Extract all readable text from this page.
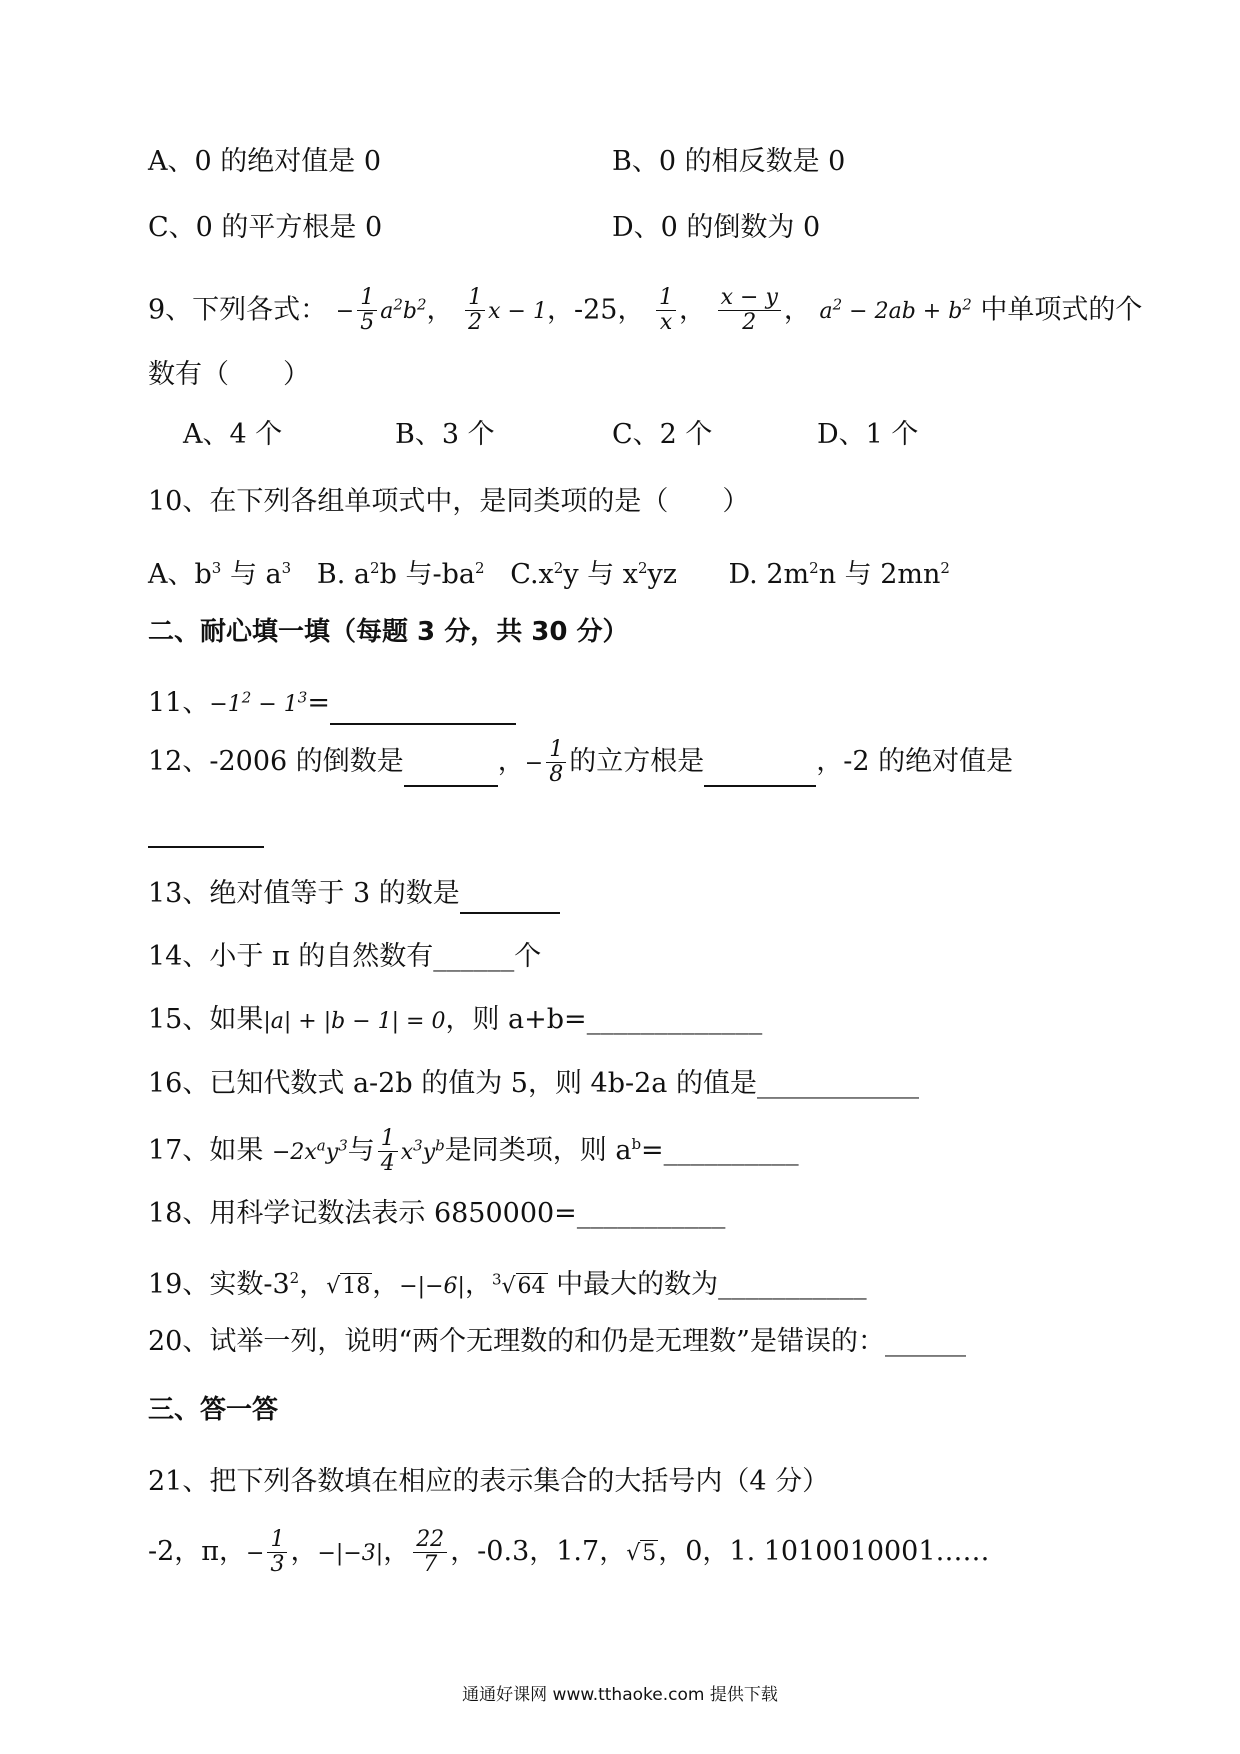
A、0 的绝对值是 0	B、0 的相反数是 0
C、0 的平方根是 0	D、0 的倒数为 0
9、下列各式： − $\frac{1}{5} a^2b^2$， $\frac{1}{2}$ x − 1，-25， $\frac{1}{x}$ ， $\frac{x - y}{2}$ ， $a^2 - 2ab + b^2$ 中单项式的个
数有（　　）
A、4 个	B、3 个	C、2 个	D、1 个
10、在下列各组单项式中，是同类项的是（　　）
A、$b^3$ 与 $a^3$ B. $a^2b$ 与$-ba^2$ $C.x^2y$ 与 $x^2yz$ D. $2m^2n$ 与 $2mn^2$
二、耐心填一填（每题 3 分，共 30 分）
11、$-1^2 - 1^3=$
12、-2006 的倒数是	，− $\frac{1}{8}$ 的立方根是	，-2 的绝对值是
13、绝对值等于 3 的数是
14、小于 π 的自然数有______个
15、如果|a| + |b − 1| = 0，则 a+b=_____________
16、已知代数式 a-2b 的值为 5，则 4b-2a 的值是____________
17、如果 $-2x^ay^3$与 $\frac{1}{4} x^3y^b$是同类项，则 $a^b=\_\_\_\_\_\_\_\_\_\_$
18、用科学记数法表示 6850000=___________
19、实数$-3^2$，√18，−|−6|，$^3$√64 中最大的数为___________
20、试举一列，说明“两个无理数的和仍是无理数”是错误的：______
三、答一答
21、把下列各数填在相应的表示集合的大括号内（4 分）
-2，π，− $\frac{1}{3}$ ，−|−3|， $\frac{22}{7}$ ，-0.3，1.7，√5，0，1. 1010010001……
通通好课网 www.tthaoke.com 提供下载
